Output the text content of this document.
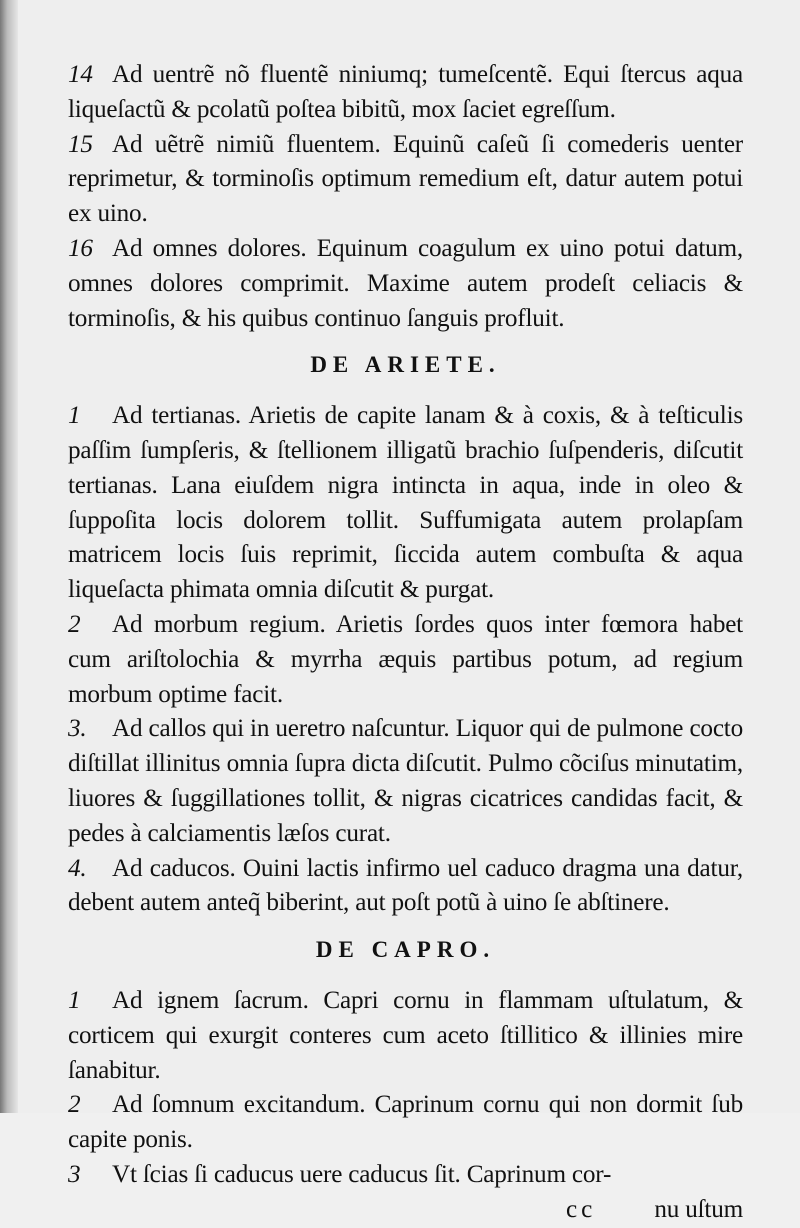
14 Ad uentrẽ nõ fluentẽ niniumq; tumeſcentẽ. Equi ſtercus aqua liqueſactũ & pcolatũ poſtea bibitũ, mox ſaciet egreſſum.

15 Ad uẽtrẽ nimiũ fluentem. Equinũ caſeũ ſi comederis uenter reprimetur, & torminoſis optimum remedium eſt, datur autem potui ex uino.

16 Ad omnes dolores. Equinum coagulum ex uino potui datum, omnes dolores comprimit. Maxime autem prodeſt celiacis & torminoſis, & his quibus continuo ſanguis profluit.

DE ARIETE.

1 Ad tertianas. Arietis de capite lanam & à coxis, & à teſticulis paſſim ſumpſeris, & ſtellionem illigatũ brachio ſuſpenderis, diſcutit tertianas. Lana eiuſdem nigra intincta in aqua, inde in oleo & ſuppoſita locis dolorem tollit. Suffumigata autem prolapſam matricem locis ſuis reprimit, ſiccida autem combuſta & aqua liqueſacta phimata omnia diſcutit & purgat.

2 Ad morbum regium. Arietis ſordes quos inter fœmora habet cum ariſtolochia & myrrha æquis partibus potum, ad regium morbum optime facit.

3. Ad callos qui in ueretro naſcuntur. Liquor qui de pulmone cocto diſtillat illinitus omnia ſupra dicta diſcutit. Pulmo cõciſus minutatim, liuores & ſuggillationes tollit, & nigras cicatrices candidas facit, & pedes à calciamentis læſos curat.

4. Ad caducos. Ouini lactis infirmo uel caduco dragma una datur, debent autem anteq̃ biberint, aut poſt potũ à uino ſe abſtinere.

DE CAPRO.

1 Ad ignem ſacrum. Capri cornu in flammam uſtulatum, & corticem qui exurgit conteres cum aceto ſtillitico & illinies mire ſanabitur.

2 Ad ſomnum excitandum. Caprinum cornu qui non dormit ſub capite ponis.

3 Vt ſcias ſi caducus uere caducus ſit. Caprinum cor-

cc nu uſtum
